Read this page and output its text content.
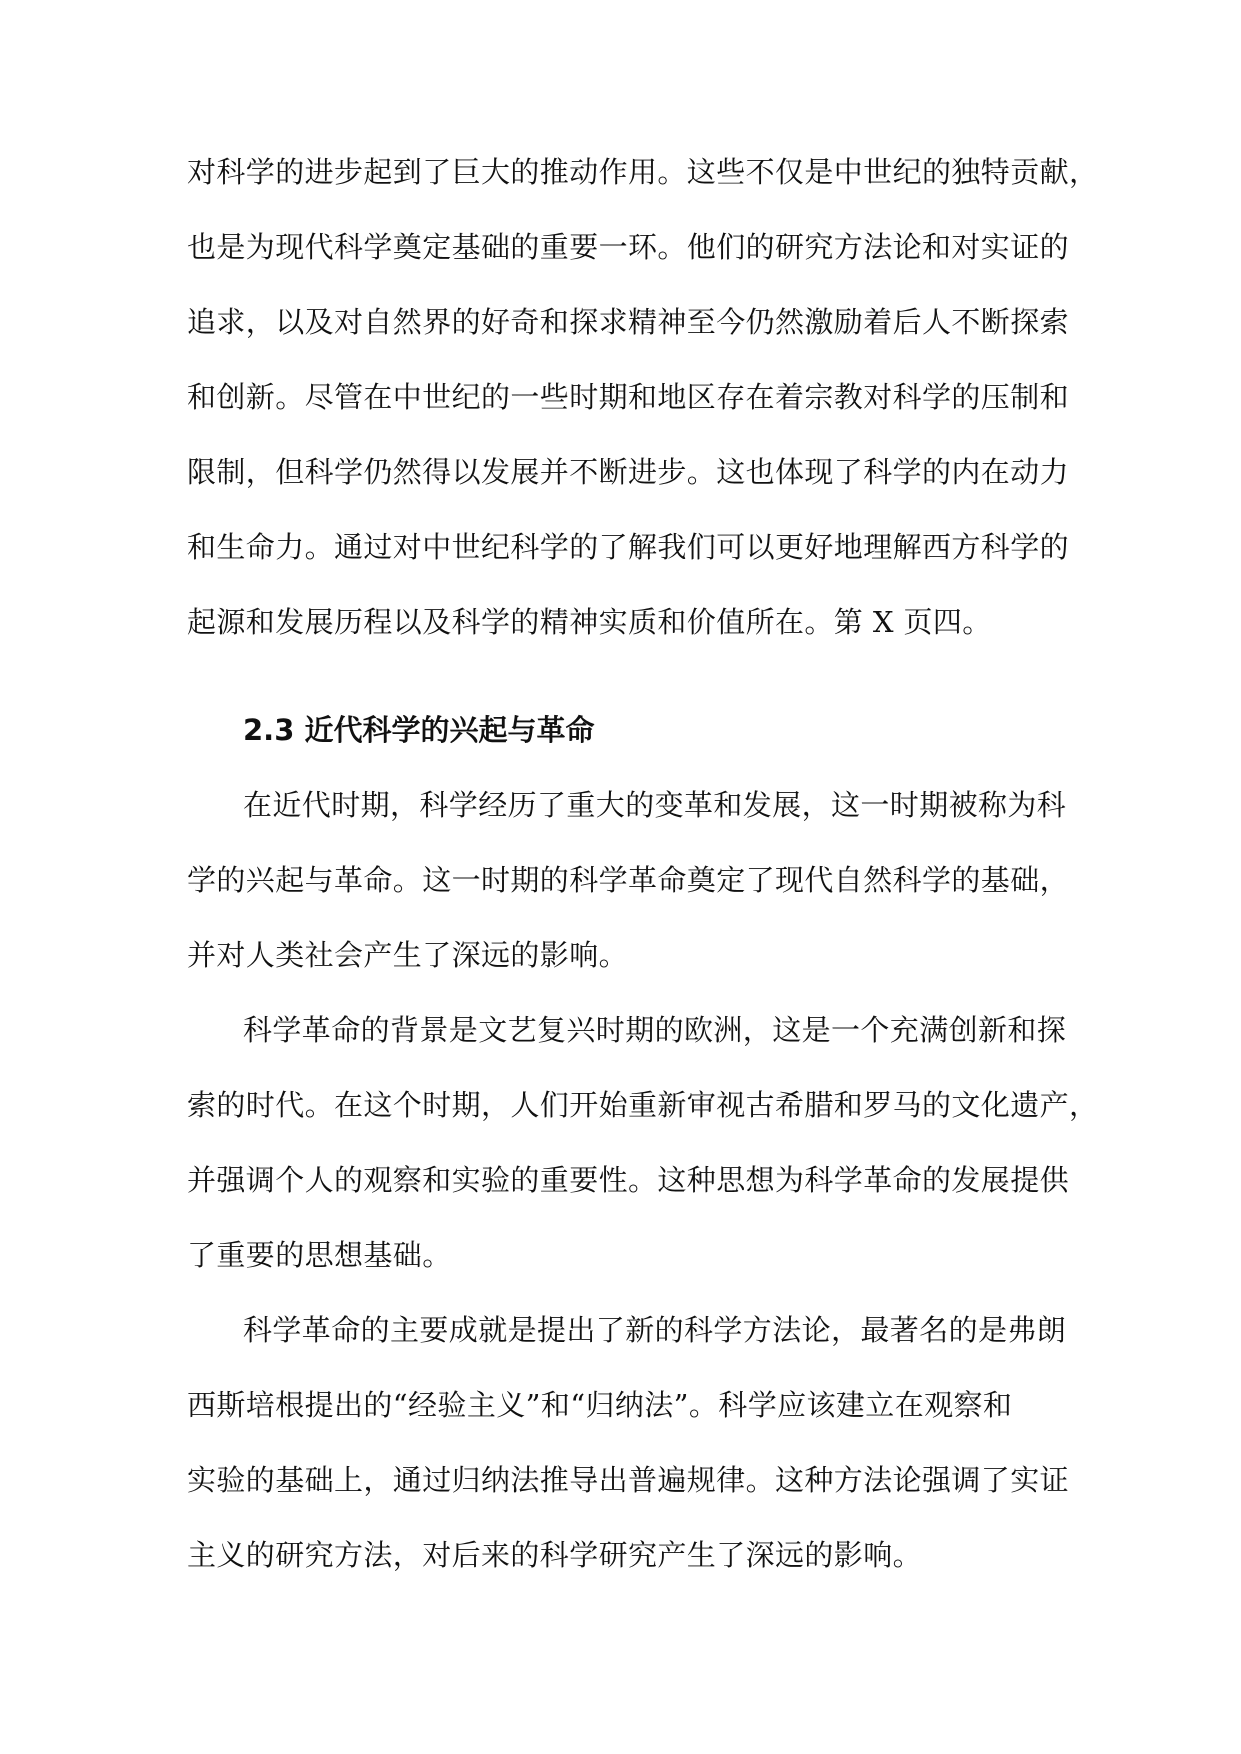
对科学的进步起到了巨大的推动作用。这些不仅是中世纪的独特贡献，
也是为现代科学奠定基础的重要一环。他们的研究方法论和对实证的
追求，以及对自然界的好奇和探求精神至今仍然激励着后人不断探索
和创新。尽管在中世纪的一些时期和地区存在着宗教对科学的压制和
限制，但科学仍然得以发展并不断进步。这也体现了科学的内在动力
和生命力。通过对中世纪科学的了解我们可以更好地理解西方科学的
起源和发展历程以及科学的精神实质和价值所在。第 X 页四。
2.3 近代科学的兴起与革命
在近代时期，科学经历了重大的变革和发展，这一时期被称为科
学的兴起与革命。这一时期的科学革命奠定了现代自然科学的基础，
并对人类社会产生了深远的影响。
科学革命的背景是文艺复兴时期的欧洲，这是一个充满创新和探
索的时代。在这个时期，人们开始重新审视古希腊和罗马的文化遗产，
并强调个人的观察和实验的重要性。这种思想为科学革命的发展提供
了重要的思想基础。
科学革命的主要成就是提出了新的科学方法论，最著名的是弗朗
西斯培根提出的“经验主义”和“归纳法”。科学应该建立在观察和
实验的基础上，通过归纳法推导出普遍规律。这种方法论强调了实证
主义的研究方法，对后来的科学研究产生了深远的影响。
